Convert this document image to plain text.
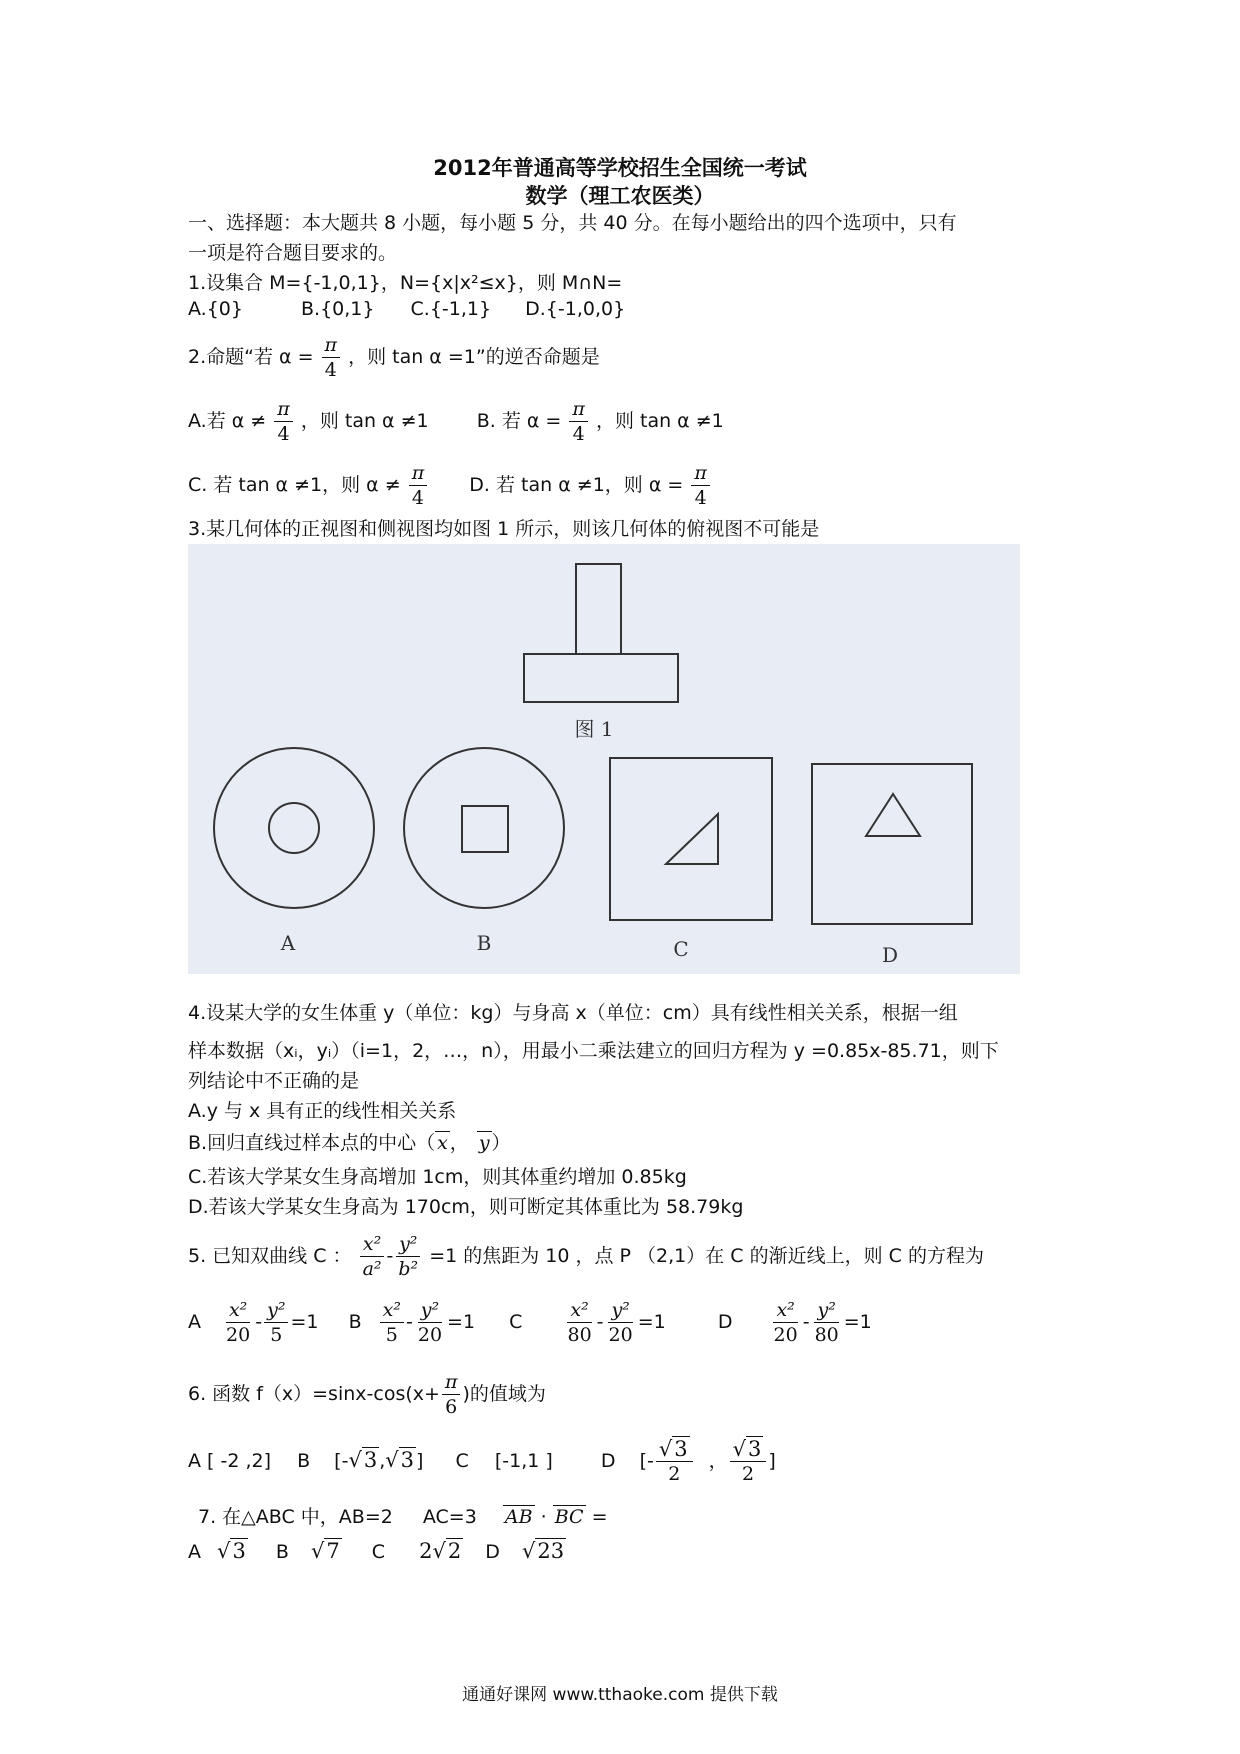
2012年普通高等学校招生全国统一考试
数学（理工农医类）
一、选择题：本大题共 8 小题，每小题 5 分，共 40 分。在每小题给出的四个选项中，只有
一项是符合题目要求的。
1.设集合 M={-1,0,1}，N={x|x²≤x}，则 M∩N=
A.{0}	B.{0,1} C.{-1,1} D.{-1,0,0}
2.命题“若 $\alpha = \frac{\pi}{4}$ ，则 tan α =1”的逆否命题是
A.若 $\alpha \ne \frac{\pi}{4}$ ，则 tan α ≠1	B. 若 $\alpha = \frac{\pi}{4}$ ，则 tan α ≠1
C. 若 tan α ≠1，则 $\alpha \ne \frac{\pi}{4} D$. 若 tan α ≠1，则 $\alpha = \frac{\pi}{4}$
3.某几何体的正视图和侧视图均如图 1 所示，则该几何体的俯视图不可能是
图 1
A	B	C	D
4.设某大学的女生体重 y（单位：kg）与身高 x（单位：cm）具有线性相关关系，根据一组
样本数据（xᵢ，yᵢ）（i=1，2，…，n），用最小二乘法建立的回归方程为 y =0.85x-85.71，则下
列结论中不正确的是
A.y 与 x 具有正的线性相关关系
B.回归直线过样本点的中心（ x ， y ）
C.若该大学某女生身高增加 1cm，则其体重约增加 0.85kg
D.若该大学某女生身高为 170cm，则可断定其体重比为 58.79kg
5. 已知双曲线 C ： $\frac{\text{x²}}{\text{a²}} - \frac{\text{y²}}{\text{b²}} =1$ 的焦距为 10 ，点 P （2,1）在 C 的渐近线上，则 C 的方程为
A $\frac{\text{x²}}{20} - \frac{\text{y²}}{5} =1$ B $\frac{\text{x²}}{5} - \frac{\text{y²}}{20} =1$ C $\frac{\text{x²}}{80} - \frac{\text{y²}}{20} =1$	D $\frac{\text{x²}}{20} - \frac{\text{y²}}{80} =1$
6. 函数 $f(x)=\sin x-\cos(x+ \frac{\pi}{6}$ )的值域为
A [ -2 ,2] B [-√3 ,√3 ] C [-1,1 ]	D [- $\frac{√3}{2}$ ， $\frac{√3}{2}$ ]
7. 在△ABC 中，AB=2 AC=3 AB · BC =
A √3 B √7 C 2√2 D √23
通通好课网 www.tthaoke.com 提供下载
